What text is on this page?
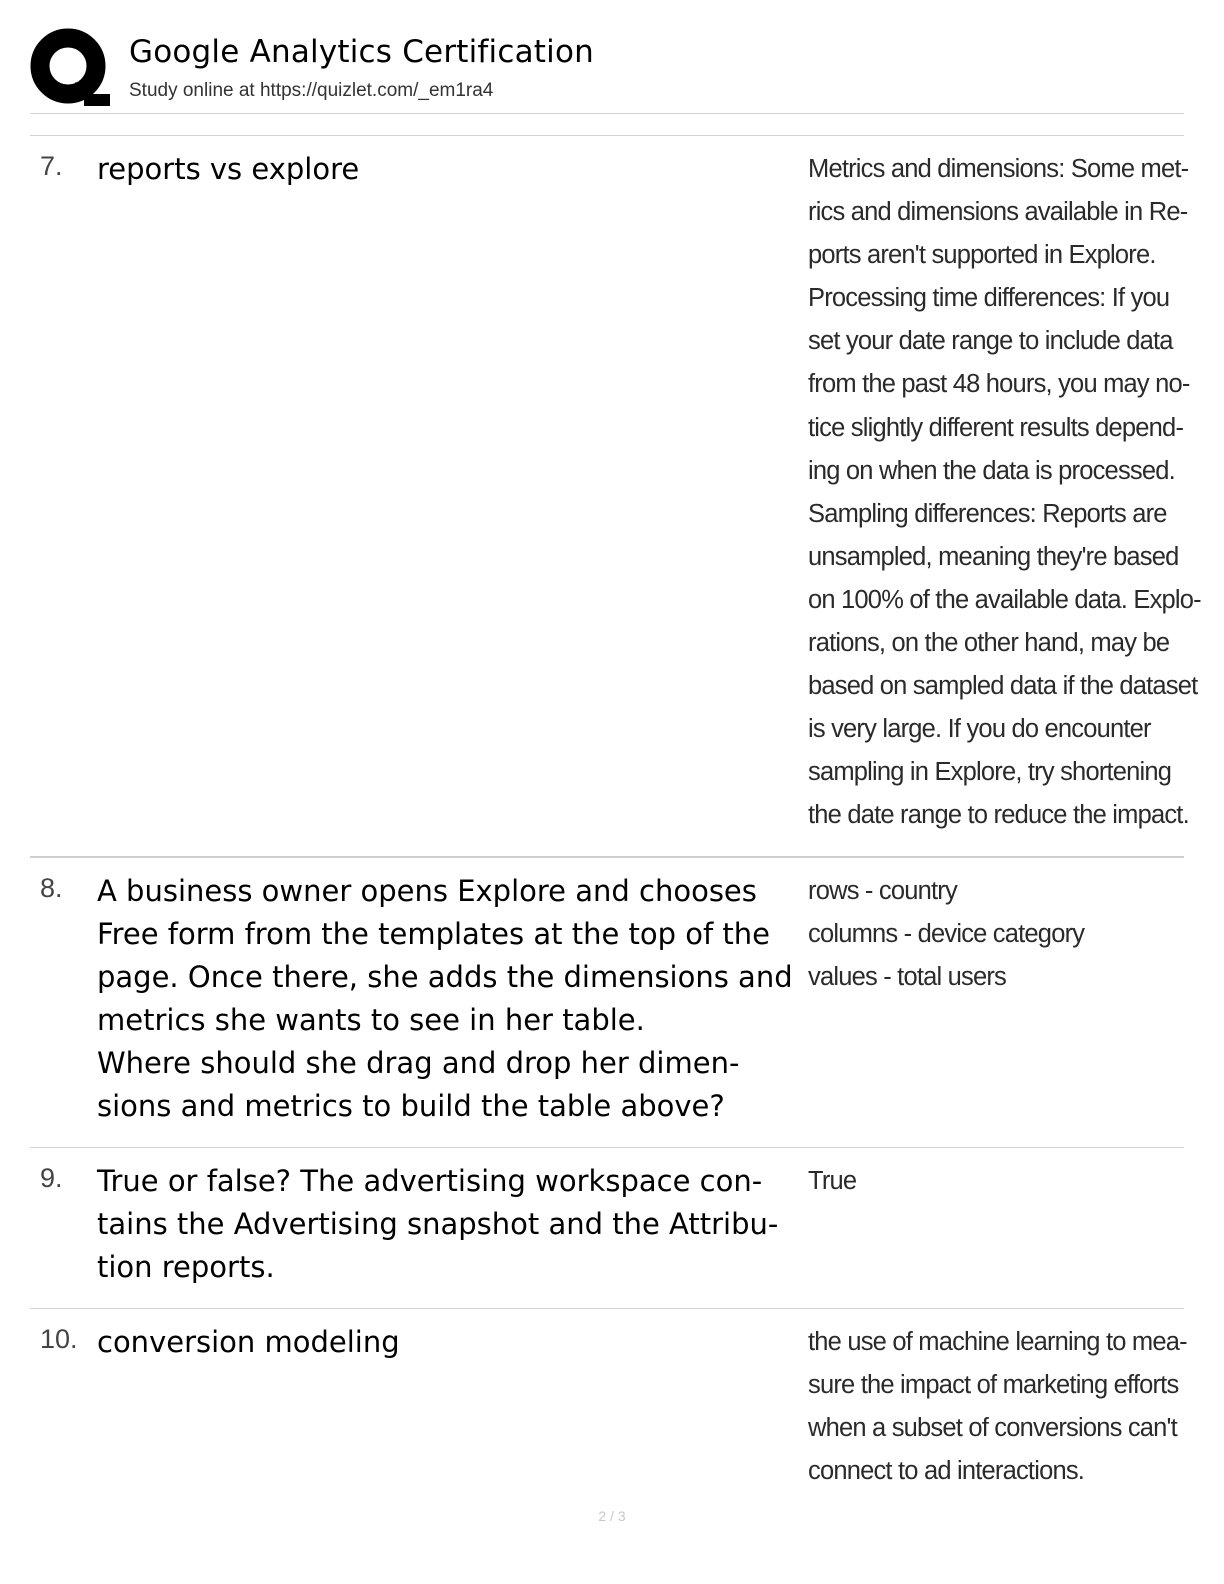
Google Analytics Certification
Study online at https://quizlet.com/_em1ra4
7. reports vs explore	Metrics and dimensions: Some met-
rics and dimensions available in Re-
ports aren't supported in Explore.
Processing time differences: If you
set your date range to include data
from the past 48 hours, you may no-
tice slightly different results depend-
ing on when the data is processed.
Sampling differences: Reports are
unsampled, meaning they're based
on 100% of the available data. Explo-
rations, on the other hand, may be
based on sampled data if the dataset
is very large. If you do encounter
sampling in Explore, try shortening
the date range to reduce the impact.
8. A business owner opens Explore and chooses
Free form from the templates at the top of the
page. Once there, she adds the dimensions and
metrics she wants to see in her table.
Where should she drag and drop her dimen-
sions and metrics to build the table above?
rows - country
columns - device category
values - total users
9. True or false? The advertising workspace con-
tains the Advertising snapshot and the Attribu-
tion reports.
True
10. conversion modeling	the use of machine learning to mea-
sure the impact of marketing efforts
when a subset of conversions can't
connect to ad interactions.
2 / 3
